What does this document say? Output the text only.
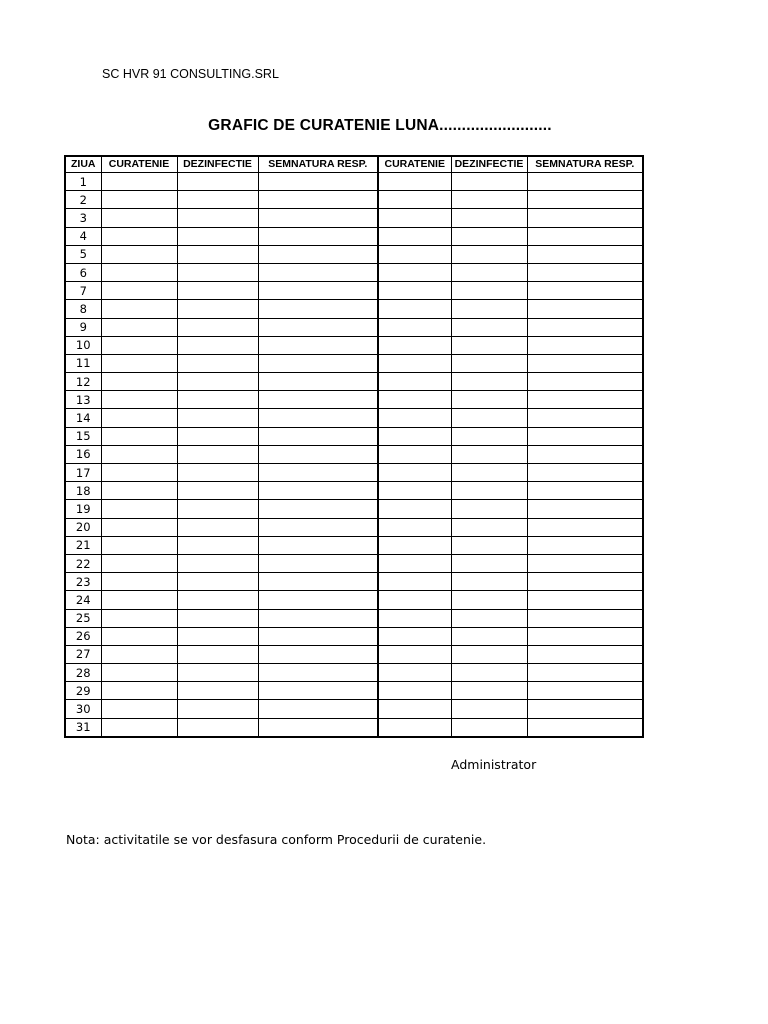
SC HVR 91 CONSULTING.SRL
GRAFIC DE CURATENIE LUNA.........................
ZIUA	CURATENIE	DEZINFECTIE	SEMNATURA RESP.	CURATENIE	DEZINFECTIE	SEMNATURA RESP.
1						
2						
3						
4						
5						
6						
7						
8						
9						
10						
11						
12						
13						
14						
15						
16						
17						
18						
19						
20						
21						
22						
23						
24						
25						
26						
27						
28						
29						
30						
31						
Administrator
Nota: activitatile se vor desfasura conform Procedurii de curatenie.
